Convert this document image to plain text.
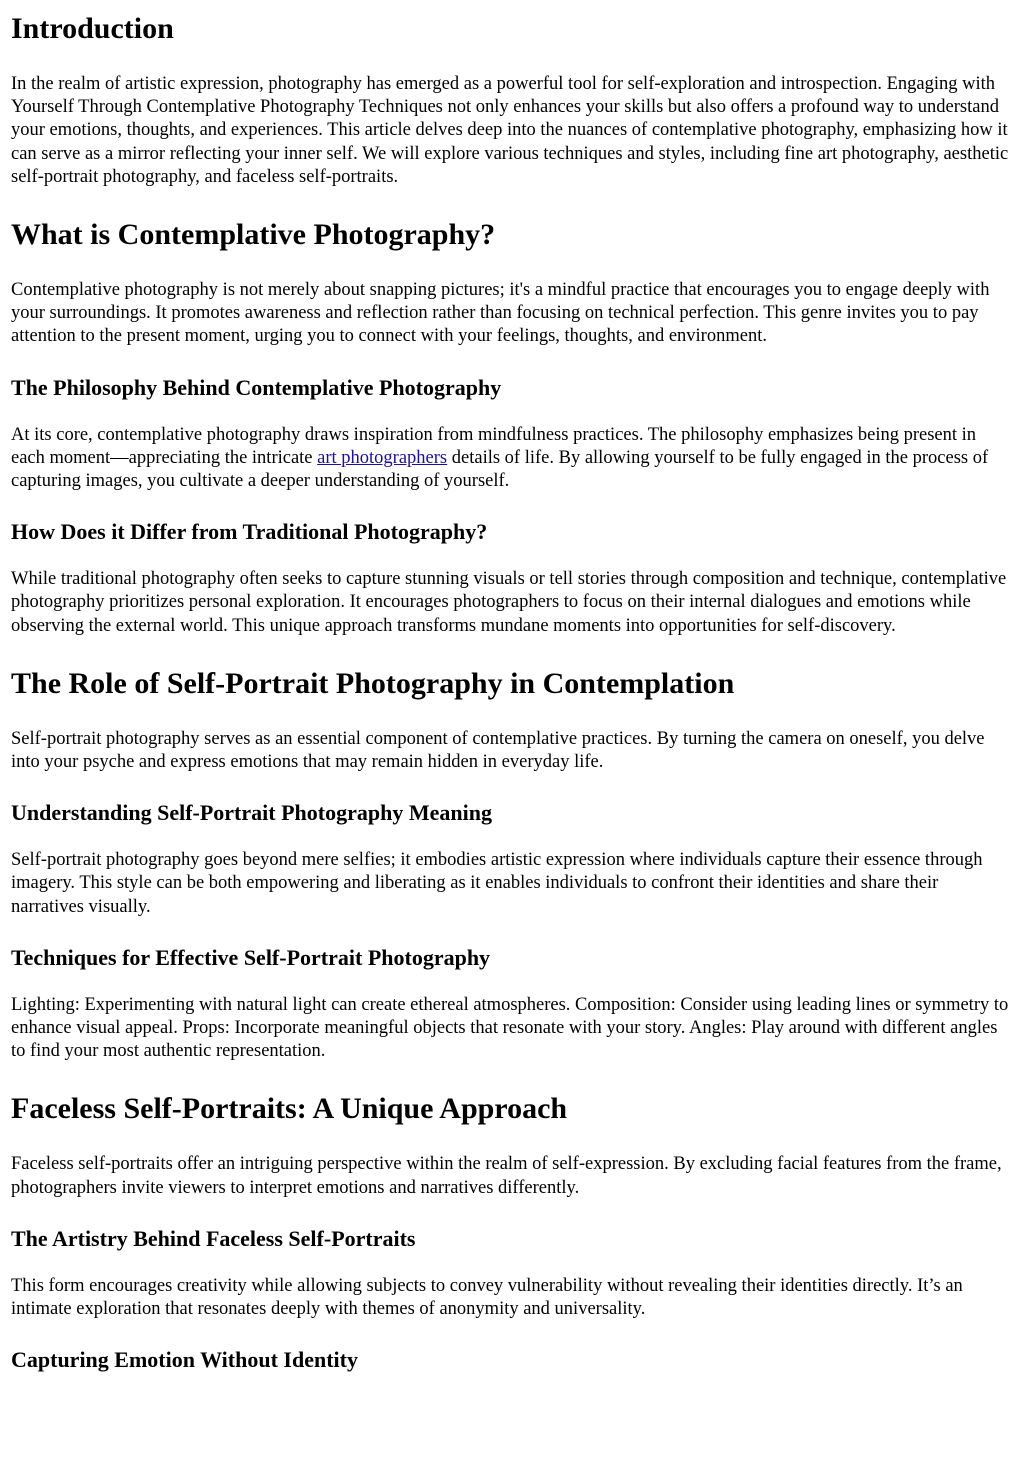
Introduction

In the realm of artistic expression, photography has emerged as a powerful tool for self-exploration and introspection. Engaging with Yourself Through Contemplative Photography Techniques not only enhances your skills but also offers a profound way to understand your emotions, thoughts, and experiences. This article delves deep into the nuances of contemplative photography, emphasizing how it can serve as a mirror reflecting your inner self. We will explore various techniques and styles, including fine art photography, aesthetic self-portrait photography, and faceless self-portraits.

What is Contemplative Photography?

Contemplative photography is not merely about snapping pictures; it's a mindful practice that encourages you to engage deeply with your surroundings. It promotes awareness and reflection rather than focusing on technical perfection. This genre invites you to pay attention to the present moment, urging you to connect with your feelings, thoughts, and environment.

The Philosophy Behind Contemplative Photography

At its core, contemplative photography draws inspiration from mindfulness practices. The philosophy emphasizes being present in each moment—appreciating the intricate art photographers details of life. By allowing yourself to be fully engaged in the process of capturing images, you cultivate a deeper understanding of yourself.

How Does it Differ from Traditional Photography?

While traditional photography often seeks to capture stunning visuals or tell stories through composition and technique, contemplative photography prioritizes personal exploration. It encourages photographers to focus on their internal dialogues and emotions while observing the external world. This unique approach transforms mundane moments into opportunities for self-discovery.

The Role of Self-Portrait Photography in Contemplation

Self-portrait photography serves as an essential component of contemplative practices. By turning the camera on oneself, you delve into your psyche and express emotions that may remain hidden in everyday life.

Understanding Self-Portrait Photography Meaning

Self-portrait photography goes beyond mere selfies; it embodies artistic expression where individuals capture their essence through imagery. This style can be both empowering and liberating as it enables individuals to confront their identities and share their narratives visually.

Techniques for Effective Self-Portrait Photography

Lighting: Experimenting with natural light can create ethereal atmospheres. Composition: Consider using leading lines or symmetry to enhance visual appeal. Props: Incorporate meaningful objects that resonate with your story. Angles: Play around with different angles to find your most authentic representation.

Faceless Self-Portraits: A Unique Approach

Faceless self-portraits offer an intriguing perspective within the realm of self-expression. By excluding facial features from the frame, photographers invite viewers to interpret emotions and narratives differently.

The Artistry Behind Faceless Self-Portraits

This form encourages creativity while allowing subjects to convey vulnerability without revealing their identities directly. It’s an intimate exploration that resonates deeply with themes of anonymity and universality.

Capturing Emotion Without Identity
